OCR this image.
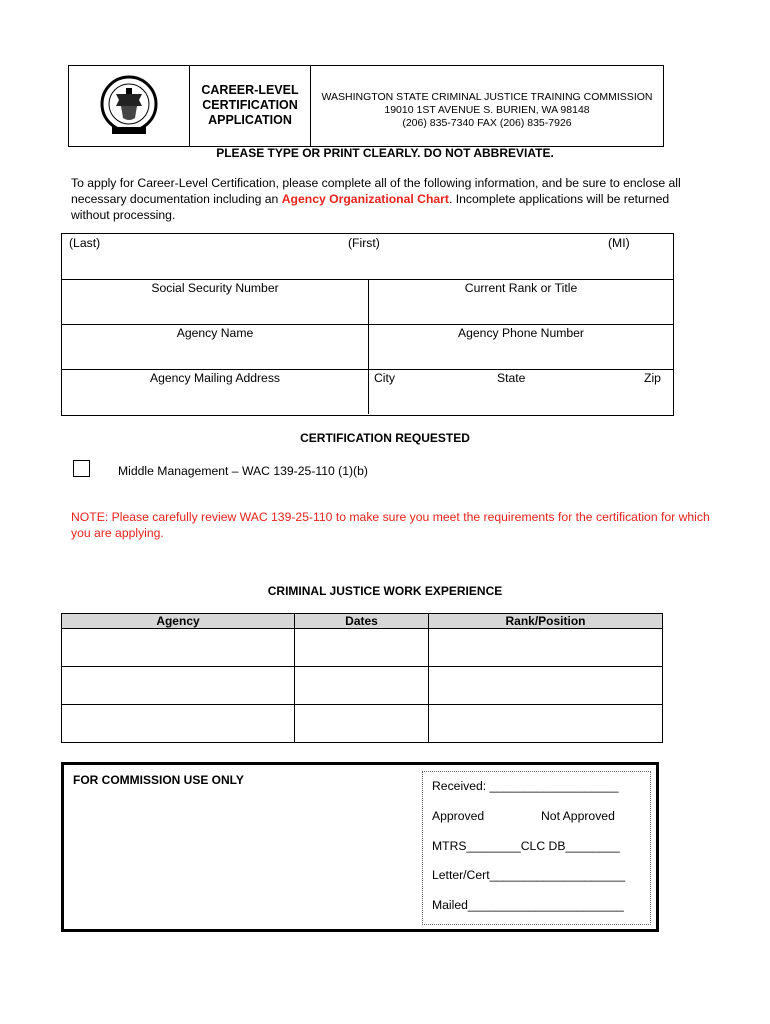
CAREER-LEVEL
CERTIFICATION
APPLICATION
WASHINGTON STATE CRIMINAL JUSTICE TRAINING COMMISSION
19010 1ST AVENUE S. BURIEN, WA 98148
(206) 835-7340 FAX (206) 835-7926
PLEASE TYPE OR PRINT CLEARLY. DO NOT ABBREVIATE.
To apply for Career-Level Certification, please complete all of the following information, and be sure to enclose all necessary documentation including an Agency Organizational Chart. Incomplete applications will be returned without processing.
(Last)	(First)	(MI)
Social Security Number	Current Rank or Title
Agency Name	Agency Phone Number
Agency Mailing Address	City	State	Zip
CERTIFICATION REQUESTED
Middle Management – WAC 139-25-110 (1)(b)
NOTE: Please carefully review WAC 139-25-110 to make sure you meet the requirements for the certification for which you are applying.
CRIMINAL JUSTICE WORK EXPERIENCE
Agency	Dates	Rank/Position

FOR COMMISSION USE ONLY	Received: ___________________
Approved	Not Approved
MTRS________CLC DB________
Letter/Cert____________________
Mailed_______________________
